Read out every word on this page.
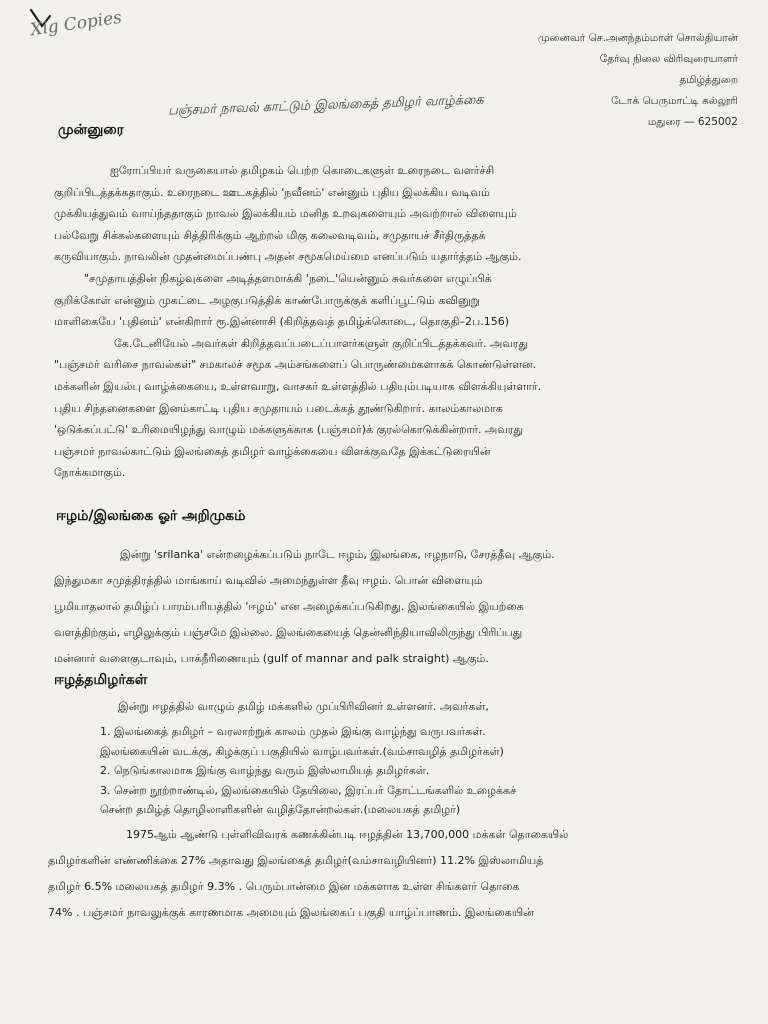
Xig Copies	முனைவர் செ.அனந்தம்மாள் சொல்தியான்
தேர்வு நிலை விரிவுரையாளர்
தமிழ்த்துறை
டோக் பெருமாட்டி கல்லூரி
மதுரை — 625002
பஞ்சமர் நாவல் காட்டும் இலங்கைத் தமிழர் வாழ்க்கை
முன்னுரை
ஐரோப்பியர் வருகையால் தமிழகம் பெற்ற கொடைகளுள் உரைநடை வளர்ச்சி
குறிப்பிடத்தக்கதாகும். உரைநடை ஊடகத்தில் 'நவீனம்' என்னும் புதிய இலக்கிய வடிவம்
முக்கியத்துவம் வாய்ந்ததாகும் நாவல் இலக்கியம் மனித உறவுகளையும் அவற்றால் விளையும்
பல்வேறு சிக்கல்களையும் சித்திரிக்கும் ஆற்றல் மிகு கலைவடிவம், சமுதாயச் சீர்திருத்தக்
கருவியாகும். நாவலின் முதன்மைப்பண்பு அதன் சமூகமெய்மை எனப்படும் யதார்த்தம் ஆகும்.
"சமுதாயத்தின் நிகழ்வுகளை அடித்தளமாக்கி 'நடை'யென்னும் சுவர்களை எழுப்பிக்
குறிக்கோள் என்னும் முகட்டை அழகுபடுத்திக் காண்போருக்குக் களிப்பூட்டும் கவினுறு
மாளிகையே 'புதினம்' என்கிறார் ரூ.இன்னாசி (கிறித்தவத் தமிழ்க்கொடை, தொகுதி–2ப.156)
கே.டேனியேல் அவர்கள் கிறித்தவப்படைப்பாளர்களுள் குறிப்பிடத்தக்கவர். அவரது
"பஞ்சமர் வரிசை நாவல்கள்" சமகாலச் சமூக அம்சங்களைப் பொருண்மைகளாகக் கொண்டுள்ளன.
மக்களின் இயல்பு வாழ்க்கையை, உள்ளவாறு, வாசகர் உள்ளத்தில் பதியும்படியாக விளக்கியுள்ளார்.
புதிய சிந்தனைகளை இனம்காட்டி புதிய சமுதாயம் படைக்கத் தூண்டுகிறார். காலம்காலமாக
'ஒடுக்கப்பட்டு' உரிமையிழந்து வாழும் மக்களுக்காக (பஞ்சமர்)க் குரல்கொடுக்கின்றார். அவரது
பஞ்சமர் நாவல்காட்டும் இலங்கைத் தமிழர் வாழ்க்கையை விளக்குவதே இக்கட்டுரையின்
நோக்கமாகும்.
ஈழம்/இலங்கை ஓர் அறிமுகம்
இன்று 'srilanka' என்றழைக்கப்படும் நாடே ஈழம், இலங்கை, ஈழநாடு, சேரத்தீவு ஆகும்.
இந்துமகா சமுத்திரத்தில் மாங்காய் வடிவில் அமைந்துள்ள தீவு ஈழம். பொன் விளையும்
பூமியாதலால் தமிழ்ப் பாரம்பரியத்தில் 'ஈழம்' என அழைக்கப்படுகிறது. இலங்கையில் இயற்கை
வளத்திற்கும், எழிலுக்கும் பஞ்சமே இல்லை. இலங்கையைத் தென்னிந்தியாவிலிருந்து பிரிப்பது
மன்னார் வளைகுடாவும், பாக்நீரிணையும் (gulf of mannar and palk straight) ஆகும்.
ஈழத்தமிழர்கள்
இன்று ஈழத்தில் வாழும் தமிழ் மக்களில் முப்பிரிவினர் உள்ளனர். அவர்கள்,
1. இலங்கைத் தமிழர் – வரலாற்றுக் காலம் முதல் இங்கு வாழ்ந்து வருபவர்கள்.
இலங்கையின் வடக்கு, கிழக்குப் பகுதியில் வாழ்பவர்கள்.(வம்சாவழித் தமிழர்கள்)
2. நெடுங்காலமாக இங்கு வாழ்ந்து வரும் இஸ்லாமியத் தமிழர்கள்.
3. சென்ற நூற்றாண்டில், இலங்கையில் தேயிலை, இரப்பர் தோட்டங்களில் உழைக்கச்
சென்ற தமிழ்த் தொழிலாளிகளின் வழித்தோன்றல்கள்.(மலையகத் தமிழர்)
1975ஆம் ஆண்டு புள்ளிவிவரக் கணக்கின்படி ஈழத்தின் 13,700,000 மக்கள் தொகையில்
தமிழர்களின் எண்ணிக்கை 27% அதாவது இலங்கைத் தமிழர்(வம்சாவழியினர்) 11.2% இஸ்லாமியத்
தமிழர் 6.5% மலையகத் தமிழர் 9.3% . பெரும்பான்மை இன மக்களாக உள்ள சிங்களர் தொகை
74% . பஞ்சமர் நாவலுக்குக் காரணமாக அமையும் இலங்கைப் பகுதி யாழ்ப்பாணம். இலங்கையின்
